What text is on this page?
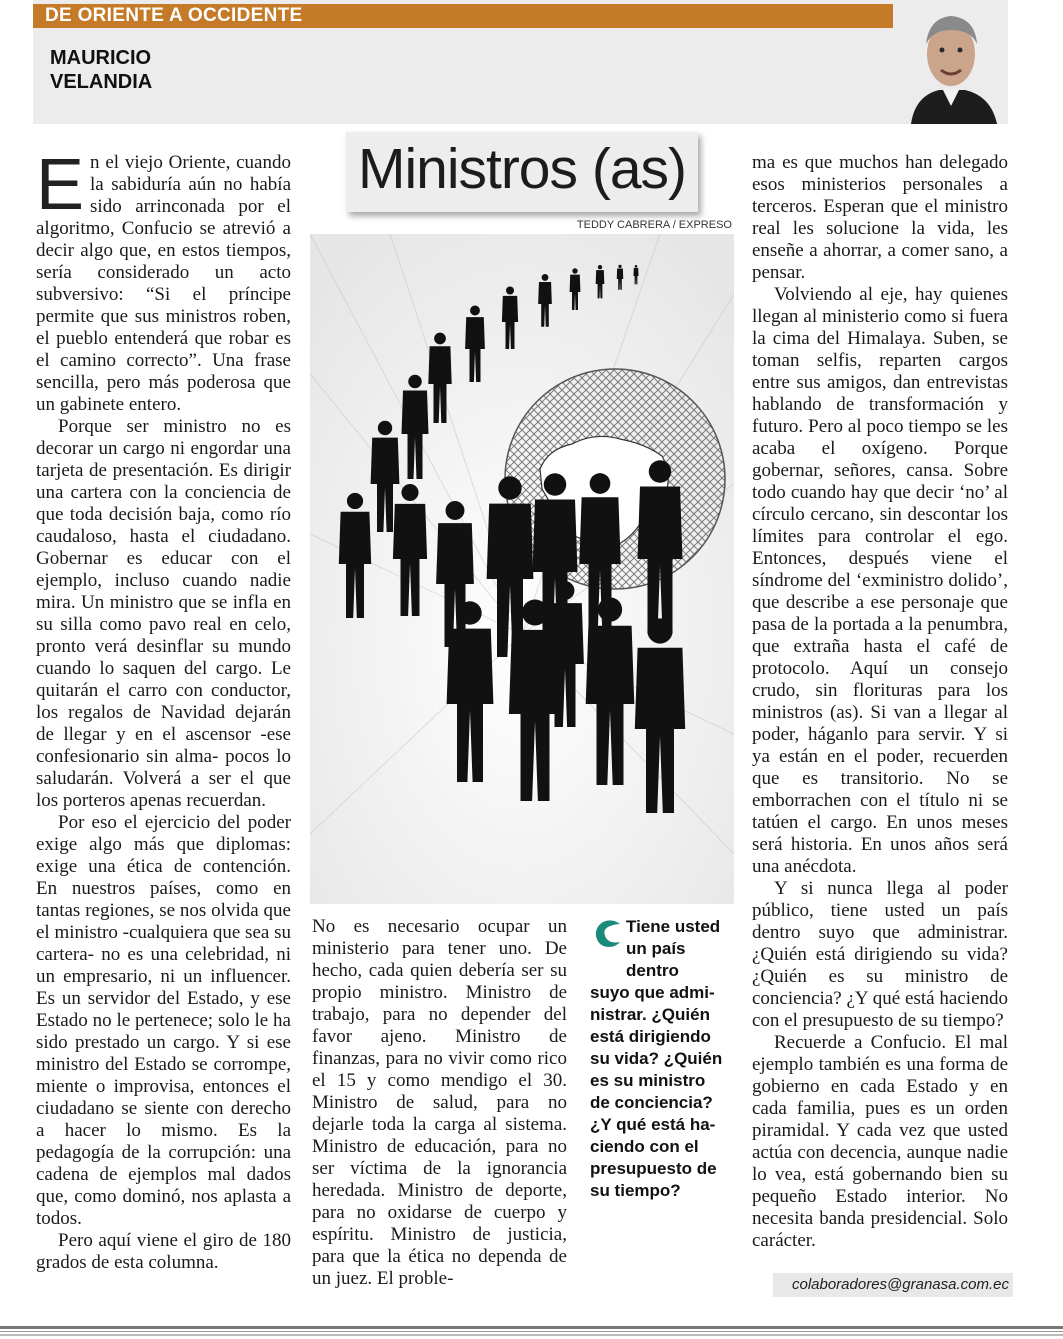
DE ORIENTE A OCCIDENTE
MAURICIO
VELANDIA
Ministros (as)
TEDDY CABRERA / EXPRESO

En el viejo Oriente, cuando la sabiduría aún no había sido arrinconada por el algoritmo, Confucio se atrevió a decir algo que, en estos tiempos, sería considerado un acto subversivo: “Si el príncipe permite que sus ministros roben, el pueblo entenderá que robar es el camino correcto”. Una frase sencilla, pero más poderosa que un gabinete entero.

Porque ser ministro no es decorar un cargo ni engordar una tarjeta de presentación. Es dirigir una cartera con la conciencia de que toda decisión baja, como río caudaloso, hasta el ciudadano. Gobernar es educar con el ejemplo, incluso cuando nadie mira. Un ministro que se infla en su silla como pavo real en celo, pronto verá desinflar su mundo cuando lo saquen del cargo. Le quitarán el carro con conductor, los regalos de Navidad dejarán de llegar y en el ascensor -ese confesionario sin alma- pocos lo saludarán. Volverá a ser el que los porteros apenas recuerdan.

Por eso el ejercicio del poder exige algo más que diplomas: exige una ética de contención. En nuestros países, como en tantas regiones, se nos olvida que el ministro -cualquiera que sea su cartera- no es una celebridad, ni un empresario, ni un influencer. Es un servidor del Estado, y ese Estado no le pertenece; solo le ha sido prestado un cargo. Y si ese ministro del Estado se corrompe, miente o improvisa, entonces el ciudadano se siente con derecho a hacer lo mismo. Es la pedagogía de la corrupción: una cadena de ejemplos mal dados que, como dominó, nos aplasta a todos.

Pero aquí viene el giro de 180 grados de esta columna.

No es necesario ocupar un ministerio para tener uno. De hecho, cada quien debería ser su propio ministro. Ministro de trabajo, para no depender del favor ajeno. Ministro de finanzas, para no vivir como rico el 15 y como mendigo el 30. Ministro de salud, para no dejarle toda la carga al sistema. Ministro de educación, para no ser víctima de la ignorancia heredada. Ministro de deporte, para no oxidarse de cuerpo y espíritu. Ministro de justicia, para que la ética no dependa de un juez. El proble-

Tiene usted
un país
dentro
suyo que admi-
nistrar. ¿Quién
está dirigiendo
su vida? ¿Quién
es su ministro
de conciencia?
¿Y qué está ha-
ciendo con el
presupuesto de
su tiempo?

ma es que muchos han delegado esos ministerios personales a terceros. Esperan que el ministro real les solucione la vida, les enseñe a ahorrar, a comer sano, a pensar.

Volviendo al eje, hay quienes llegan al ministerio como si fuera la cima del Himalaya. Suben, se toman selfis, reparten cargos entre sus amigos, dan entrevistas hablando de transformación y futuro. Pero al poco tiempo se les acaba el oxígeno. Porque gobernar, señores, cansa. Sobre todo cuando hay que decir ‘no’ al círculo cercano, sin descontar los límites para controlar el ego. Entonces, después viene el síndrome del ‘exministro dolido’, que describe a ese personaje que pasa de la portada a la penumbra, que extraña hasta el café de protocolo. Aquí un consejo crudo, sin florituras para los ministros (as). Si van a llegar al poder, háganlo para servir. Y si ya están en el poder, recuerden que es transitorio. No se emborrachen con el título ni se tatúen el cargo. En unos meses será historia. En unos años será una anécdota.

Y si nunca llega al poder público, tiene usted un país dentro suyo que administrar. ¿Quién está dirigiendo su vida? ¿Quién es su ministro de conciencia? ¿Y qué está haciendo con el presupuesto de su tiempo?

Recuerde a Confucio. El mal ejemplo también es una forma de gobierno en cada Estado y en cada familia, pues es un orden piramidal. Y cada vez que usted actúa con decencia, aunque nadie lo vea, está gobernando bien su pequeño Estado interior. No necesita banda presidencial. Solo carácter.

colaboradores@granasa.com.ec
